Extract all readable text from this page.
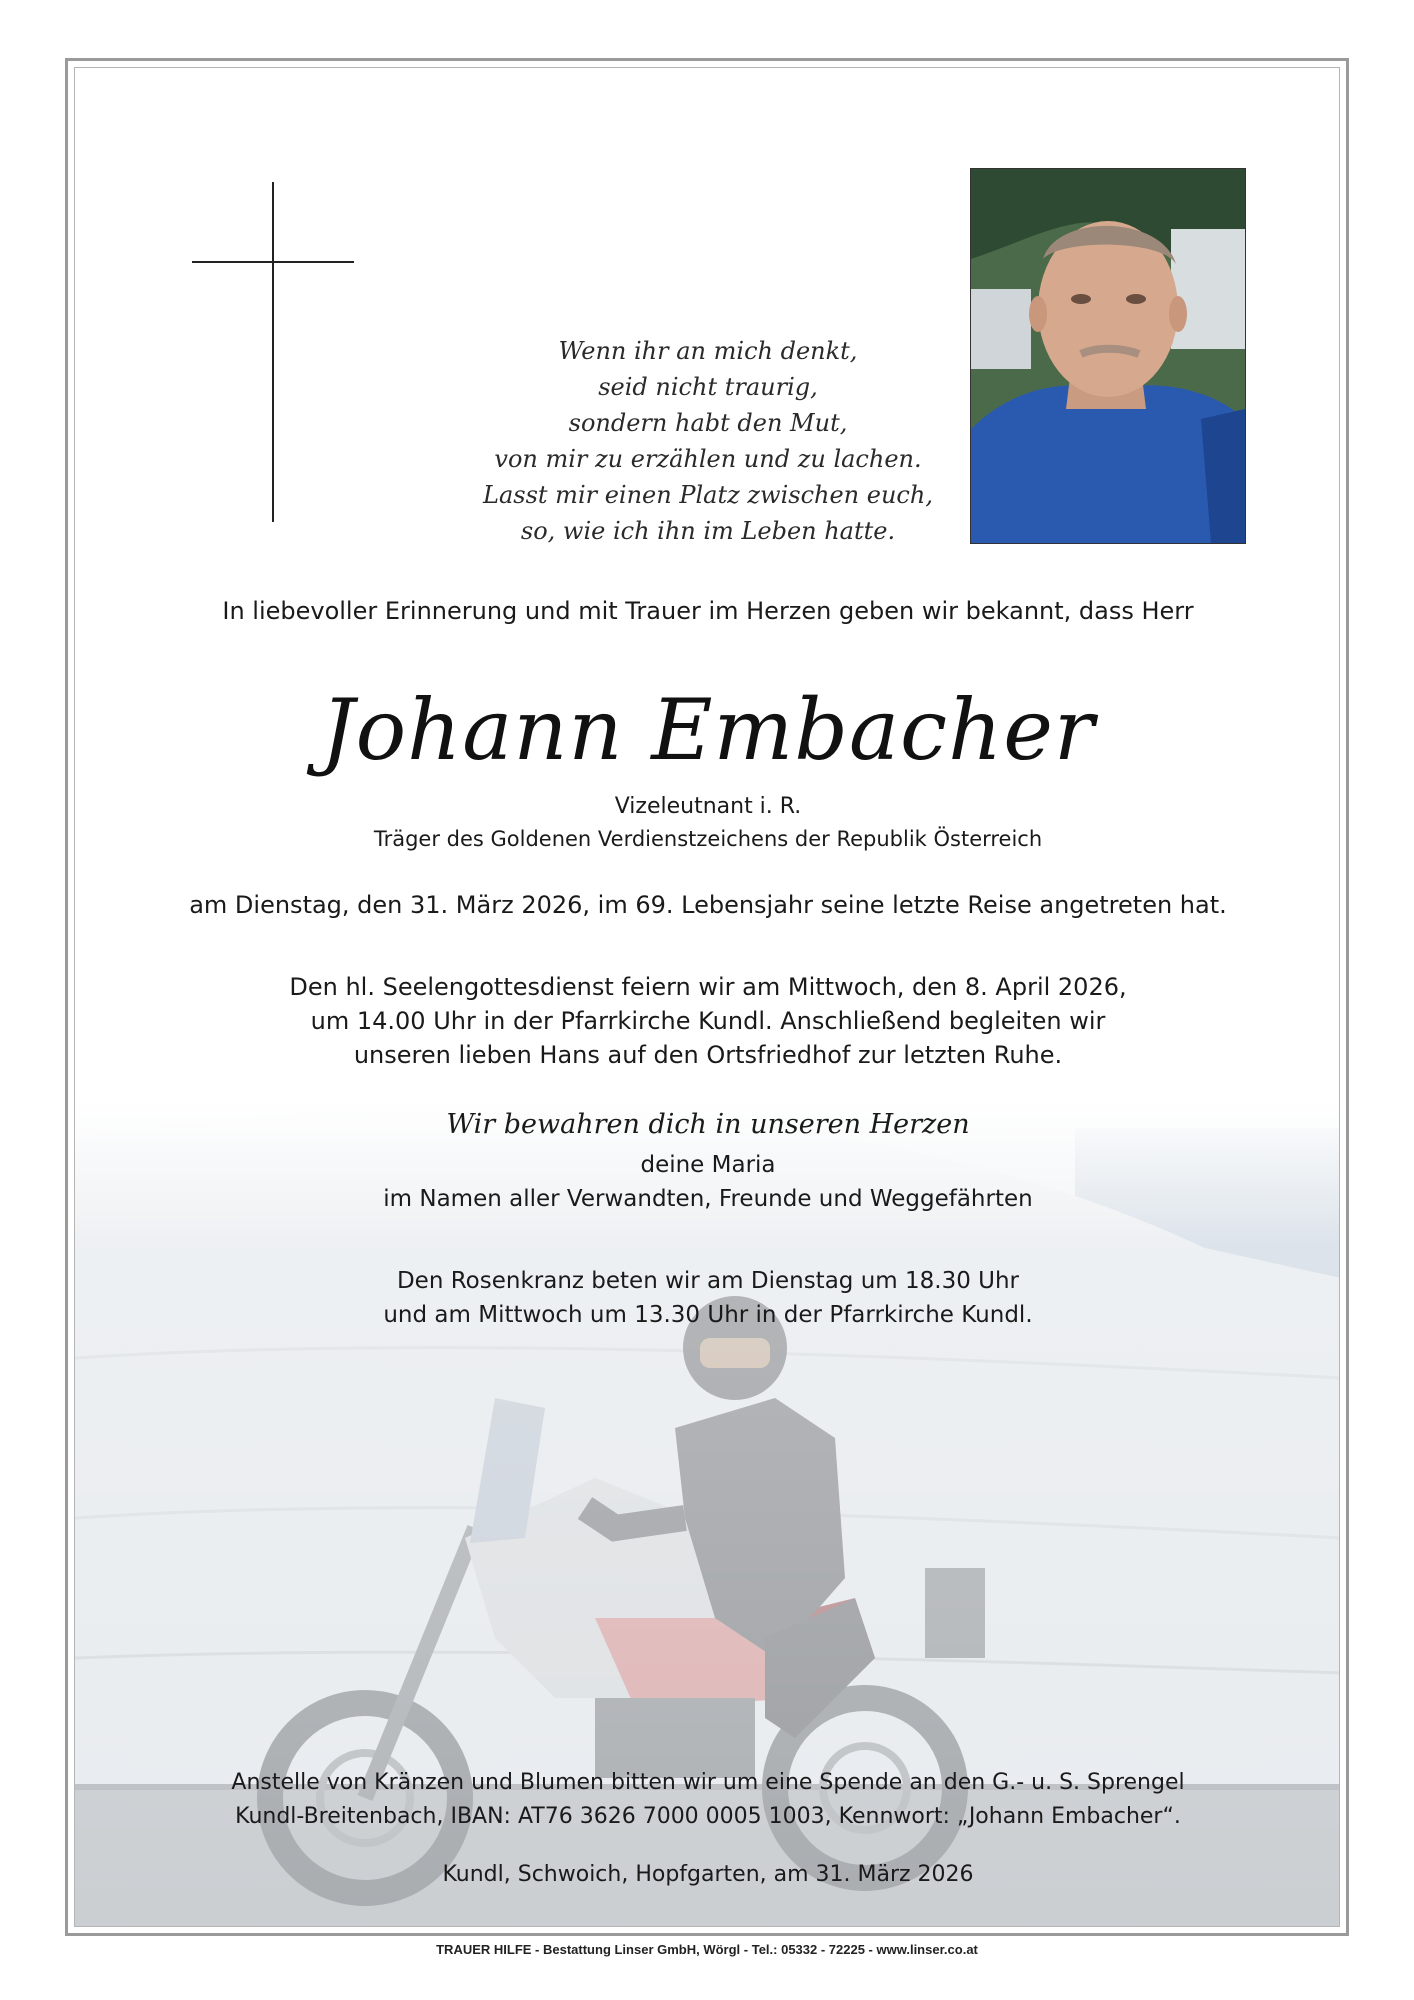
Wenn ihr an mich denkt,
seid nicht traurig,
sondern habt den Mut,
von mir zu erzählen und zu lachen.
Lasst mir einen Platz zwischen euch,
so, wie ich ihn im Leben hatte.
In liebevoller Erinnerung und mit Trauer im Herzen geben wir bekannt, dass Herr
Johann Embacher
Vizeleutnant i. R.
Träger des Goldenen Verdienstzeichens der Republik Österreich
am Dienstag, den 31. März 2026, im 69. Lebensjahr seine letzte Reise angetreten hat.
Den hl. Seelengottesdienst feiern wir am Mittwoch, den 8. April 2026,
um 14.00 Uhr in der Pfarrkirche Kundl. Anschließend begleiten wir
unseren lieben Hans auf den Ortsfriedhof zur letzten Ruhe.
Wir bewahren dich in unseren Herzen
deine Maria
im Namen aller Verwandten, Freunde und Weggefährten
Den Rosenkranz beten wir am Dienstag um 18.30 Uhr
und am Mittwoch um 13.30 Uhr in der Pfarrkirche Kundl.
Anstelle von Kränzen und Blumen bitten wir um eine Spende an den G.- u. S. Sprengel
Kundl-Breitenbach, IBAN: AT76 3626 7000 0005 1003, Kennwort: „Johann Embacher“.
Kundl, Schwoich, Hopfgarten, am 31. März 2026
TRAUER HILFE - Bestattung Linser GmbH, Wörgl - Tel.: 05332 - 72225 - www.linser.co.at
